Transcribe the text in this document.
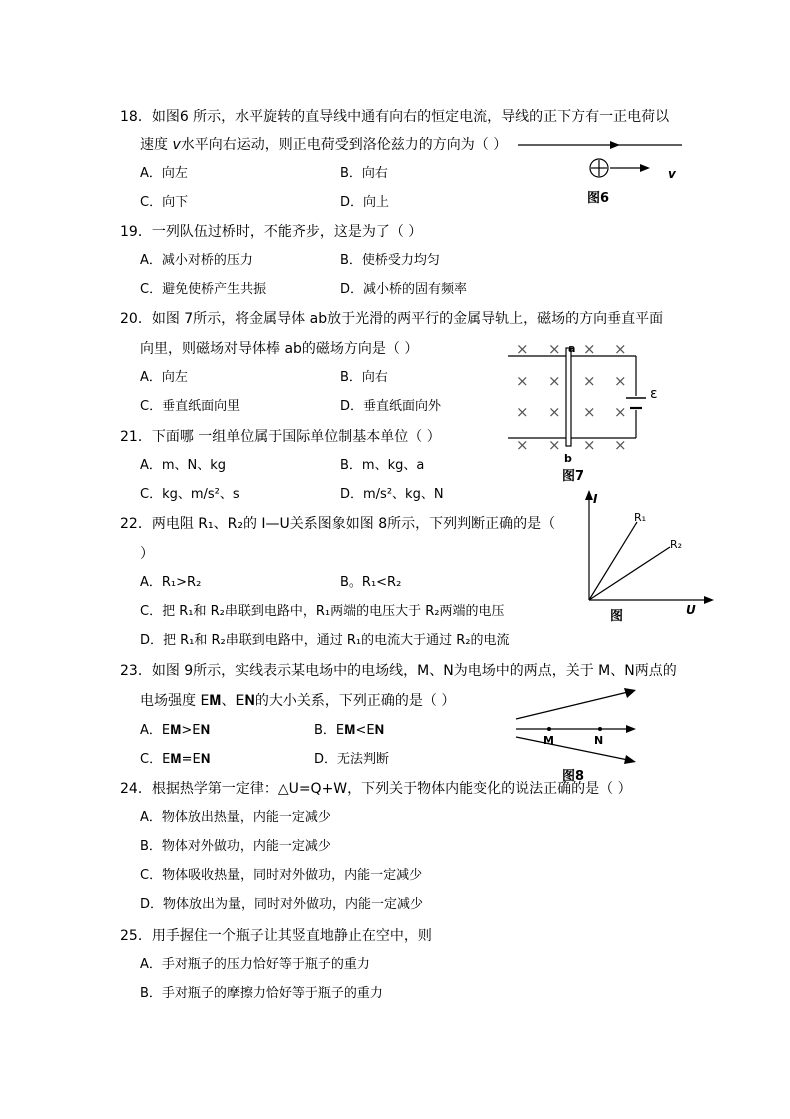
18．如图6 所示，水平旋转的直导线中通有向右的恒定电流，导线的正下方有一正电荷以
速度 v水平向右运动，则正电荷受到洛伦兹力的方向为（ ）
A．向左	B．向右
C．向下	D．向上
v
图6
19．一列队伍过桥时，不能齐步，这是为了（ ）
A．减小对桥的压力	B．使桥受力均匀
C．避免使桥产生共振	D．减小桥的固有频率
20．如图 7所示，将金属导体 ab放于光滑的两平行的金属导轨上，磁场的方向垂直平面
向里，则磁场对导体棒 ab的磁场方向是（ ）
A．向左	B．向右
C．垂直纸面向里	D．垂直纸面向外
ε
a
b
× × × ×
× × × ×
× × × ×
× × × ×
图7
21．下面哪 一组单位属于国际单位制基本单位（ ）
A．m、N、kg	B．m、kg、a
C．kg、m/s²、s	D．m/s²、kg、N
22．两电阻 R₁、R₂的 I—U关系图象如图 8所示，下列判断正确的是（
）
A．R₁>R₂	B。R₁<R₂
C．把 R₁和 R₂串联到电路中，R₁两端的电压大于 R₂两端的电压
D．把 R₁和 R₂串联到电路中，通过 R₁的电流大于通过 R₂的电流
I
U
R₁
R₂
图
23．如图 9所示，实线表示某电场中的电场线，M、N为电场中的两点，关于 M、N两点的
电场强度 E𝐌、E𝐍的大小关系，下列正确的是（ ）
A．E𝐌>E𝐍	B．E𝐌<E𝐍
C．E𝐌=E𝐍	D．无法判断
M	N
图8
24．根据热学第一定律：△U=Q+W，下列关于物体内能变化的说法正确的是（ ）
A．物体放出热量，内能一定减少
B．物体对外做功，内能一定减少
C．物体吸收热量，同时对外做功，内能一定减少
D．物体放出为量，同时对外做功，内能一定减少
25．用手握住一个瓶子让其竖直地静止在空中，则
A．手对瓶子的压力恰好等于瓶子的重力
B．手对瓶子的摩擦力恰好等于瓶子的重力
